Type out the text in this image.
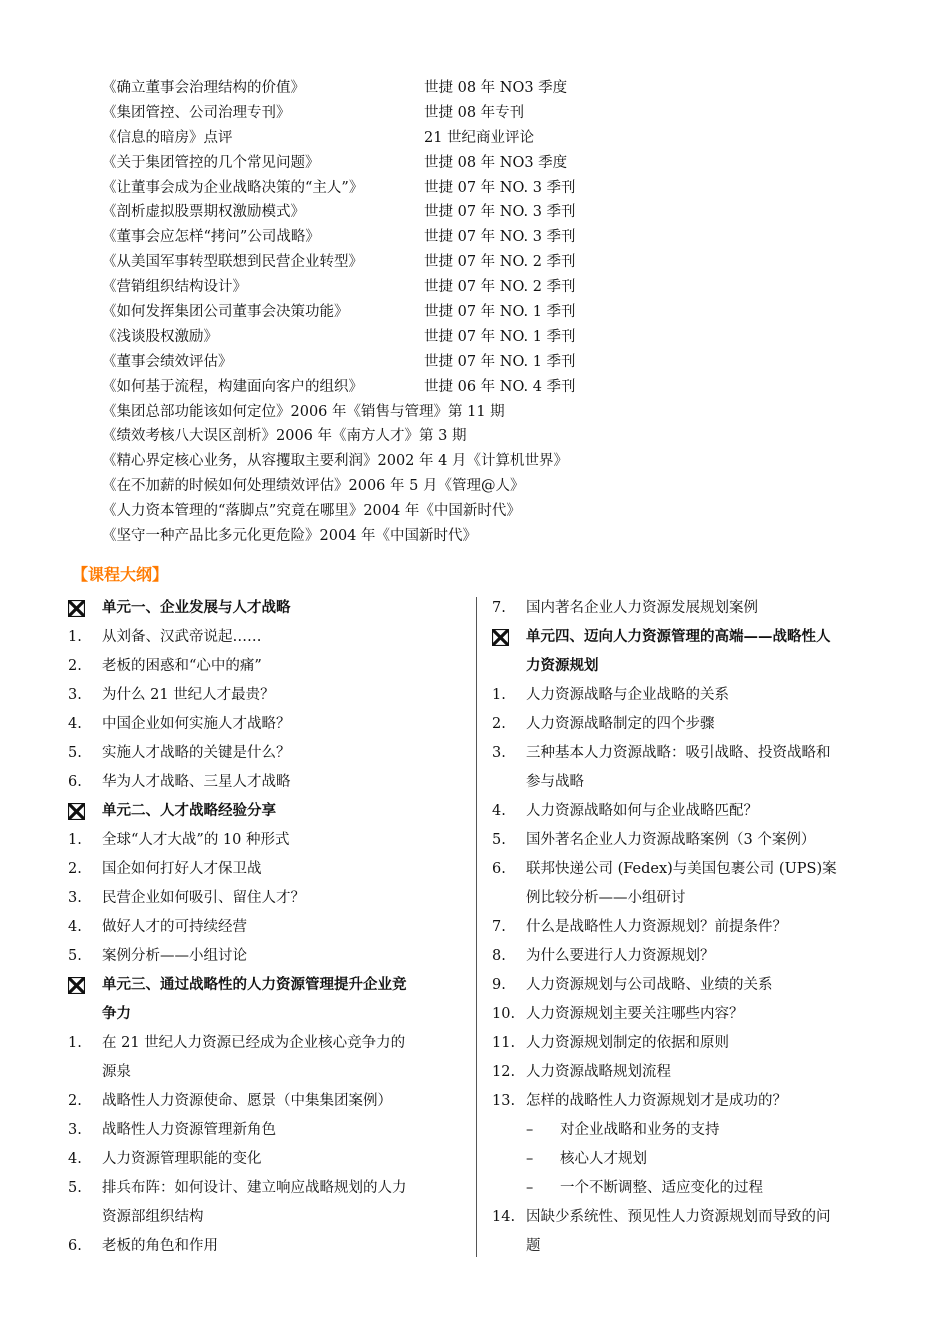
《确立董事会治理结构的价值》	世捷 08 年 NO3 季度
《集团管控、公司治理专刊》	世捷 08 年专刊
《信息的暗房》点评	21 世纪商业评论
《关于集团管控的几个常见问题》	世捷 08 年 NO3 季度
《让董事会成为企业战略决策的“主人”》	世捷 07 年 NO. 3 季刊
《剖析虚拟股票期权激励模式》	世捷 07 年 NO. 3 季刊
《董事会应怎样“拷问”公司战略》	世捷 07 年 NO. 3 季刊
《从美国军事转型联想到民营企业转型》	世捷 07 年 NO. 2 季刊
《营销组织结构设计》	世捷 07 年 NO. 2 季刊
《如何发挥集团公司董事会决策功能》	世捷 07 年 NO. 1 季刊
《浅谈股权激励》	世捷 07 年 NO. 1 季刊
《董事会绩效评估》	世捷 07 年 NO. 1 季刊
《如何基于流程，构建面向客户的组织》	世捷 06 年 NO. 4 季刊
《集团总部功能该如何定位》2006 年《销售与管理》第 11 期
《绩效考核八大误区剖析》2006 年《南方人才》第 3 期
《精心界定核心业务，从容攫取主要利润》2002 年 4 月《计算机世界》
《在不加薪的时候如何处理绩效评估》2006 年 5 月《管理@人》
《人力资本管理的“落脚点”究竟在哪里》2004 年《中国新时代》
《坚守一种产品比多元化更危险》2004 年《中国新时代》
【课程大纲】
单元一、企业发展与人才战略
1. 从刘备、汉武帝说起……
2. 老板的困惑和“心中的痛”
3. 为什么 21 世纪人才最贵？
4. 中国企业如何实施人才战略？
5. 实施人才战略的关键是什么？
6. 华为人才战略、三星人才战略
单元二、人才战略经验分享
1. 全球“人才大战”的 10 种形式
2. 国企如何打好人才保卫战
3. 民营企业如何吸引、留住人才？
4. 做好人才的可持续经营
5. 案例分析——小组讨论
单元三、通过战略性的人力资源管理提升企业竞
争力
1. 在 21 世纪人力资源已经成为企业核心竞争力的
源泉
2. 战略性人力资源使命、愿景（中集集团案例）
3. 战略性人力资源管理新角色
4. 人力资源管理职能的变化
5. 排兵布阵：如何设计、建立响应战略规划的人力
资源部组织结构
6. 老板的角色和作用
7. 国内著名企业人力资源发展规划案例
单元四、迈向人力资源管理的高端——战略性人
力资源规划
1. 人力资源战略与企业战略的关系
2. 人力资源战略制定的四个步骤
3. 三种基本人力资源战略：吸引战略、投资战略和
参与战略
4. 人力资源战略如何与企业战略匹配？
5. 国外著名企业人力资源战略案例（3 个案例）
6. 联邦快递公司 (Fedex)与美国包裹公司 (UPS)案
例比较分析——小组研讨
7. 什么是战略性人力资源规划？前提条件？
8. 为什么要进行人力资源规划？
9. 人力资源规划与公司战略、业绩的关系
10. 人力资源规划主要关注哪些内容？
11. 人力资源规划制定的依据和原则
12. 人力资源战略规划流程
13. 怎样的战略性人力资源规划才是成功的？
– 对企业战略和业务的支持
– 核心人才规划
– 一个不断调整、适应变化的过程
14. 因缺少系统性、预见性人力资源规划而导致的问
题
